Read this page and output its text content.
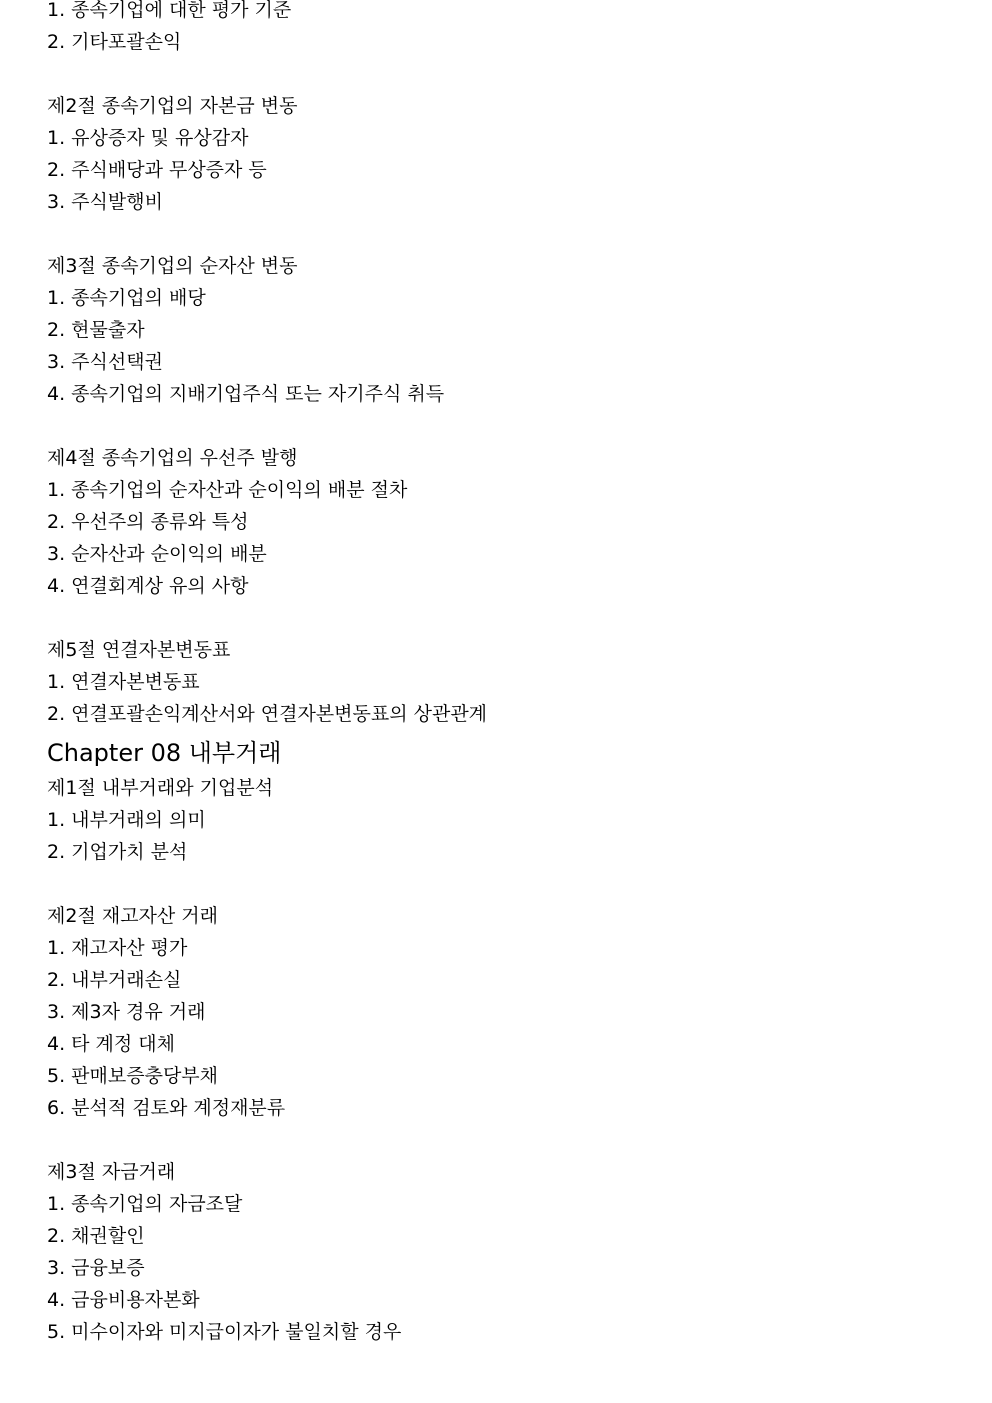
1. 종속기업에 대한 평가 기준
2. 기타포괄손익
제2절 종속기업의 자본금 변동
1. 유상증자 및 유상감자
2. 주식배당과 무상증자 등
3. 주식발행비
제3절 종속기업의 순자산 변동
1. 종속기업의 배당
2. 현물출자
3. 주식선택권
4. 종속기업의 지배기업주식 또는 자기주식 취득
제4절 종속기업의 우선주 발행
1. 종속기업의 순자산과 순이익의 배분 절차
2. 우선주의 종류와 특성
3. 순자산과 순이익의 배분
4. 연결회계상 유의 사항
제5절 연결자본변동표
1. 연결자본변동표
2. 연결포괄손익계산서와 연결자본변동표의 상관관계
Chapter 08 내부거래
제1절 내부거래와 기업분석
1. 내부거래의 의미
2. 기업가치 분석
제2절 재고자산 거래
1. 재고자산 평가
2. 내부거래손실
3. 제3자 경유 거래
4. 타 계정 대체
5. 판매보증충당부채
6. 분석적 검토와 계정재분류
제3절 자금거래
1. 종속기업의 자금조달
2. 채권할인
3. 금융보증
4. 금융비용자본화
5. 미수이자와 미지급이자가 불일치할 경우
